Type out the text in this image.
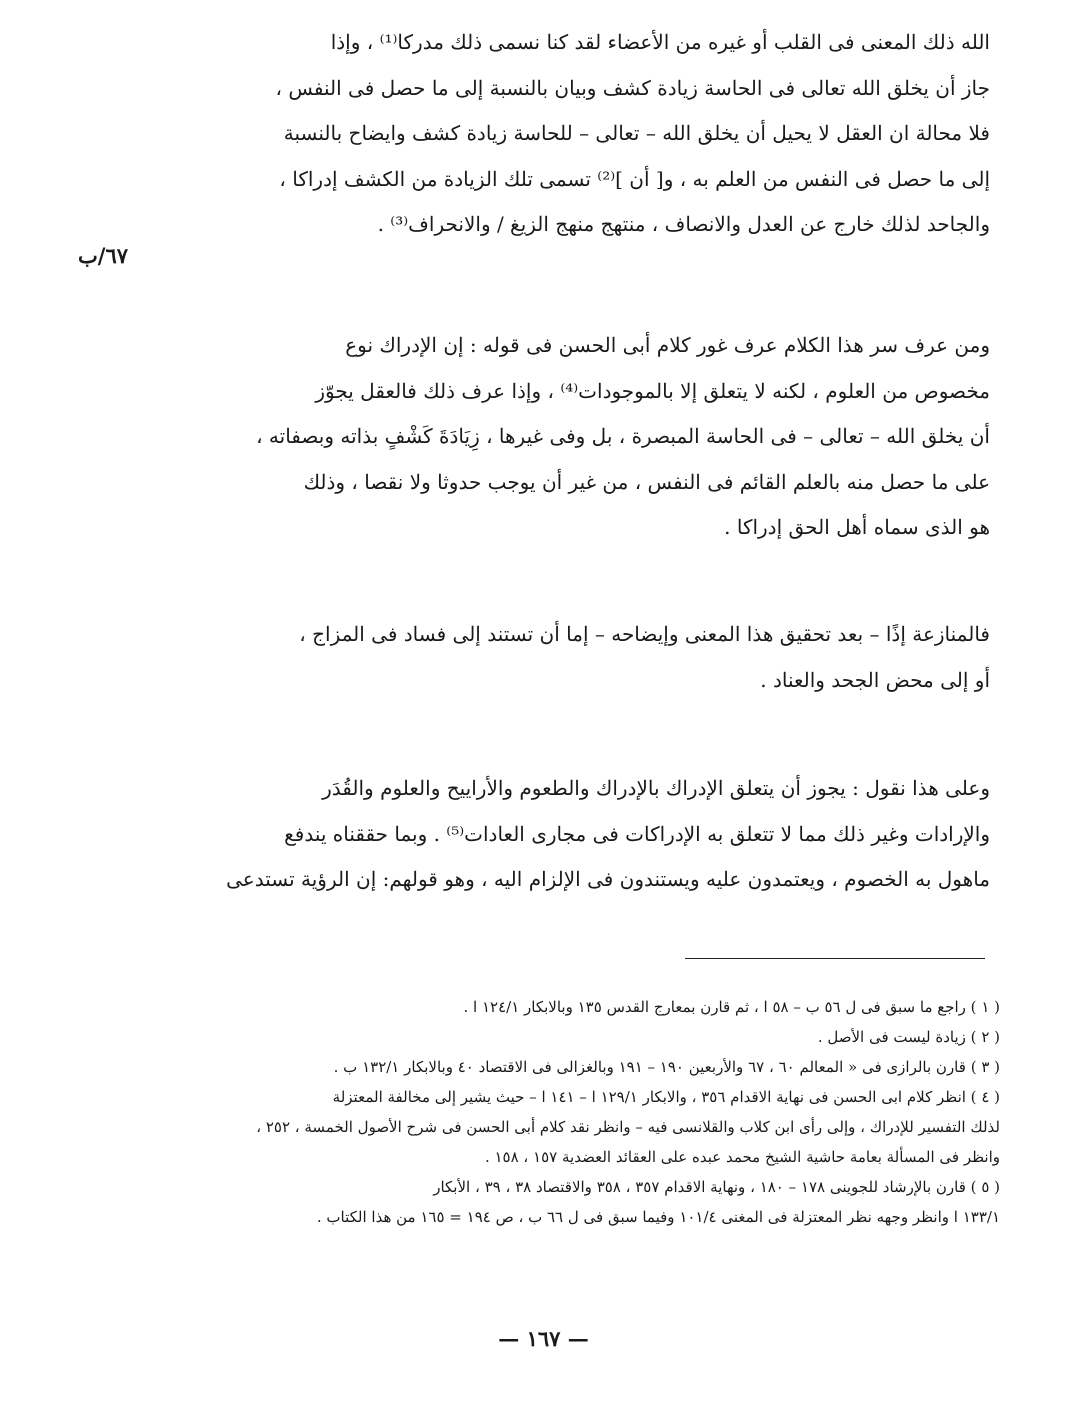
٦٧/ب
الله ذلك المعنى فى القلب أو غيره من الأعضاء لقد كنا نسمى ذلك مدركا⁽¹⁾ ، وإذا
جاز أن يخلق الله تعالى فى الحاسة زيادة كشف وبيان بالنسبة إلى ما حصل فى النفس ،
فلا محالة ان العقل لا يحيل أن يخلق الله – تعالى – للحاسة زيادة كشف وايضاح بالنسبة
إلى ما حصل فى النفس من العلم به ، و[ أن ]⁽²⁾ تسمى تلك الزيادة من الكشف إدراكا ،
والجاحد لذلك خارج عن العدل والانصاف ، منتهج منهج الزيغ / والانحراف⁽³⁾ .
ومن عرف سر هذا الكلام عرف غور كلام أبى الحسن فى قوله : إن الإدراك نوع
مخصوص من العلوم ، لكنه لا يتعلق إلا بالموجودات⁽⁴⁾ ، وإذا عرف ذلك فالعقل يجوّز
أن يخلق الله – تعالى – فى الحاسة المبصرة ، بل وفى غيرها ، زِيَادَةَ كَشْفٍ بذاته وبصفاته ،
على ما حصل منه بالعلم القائم فى النفس ، من غير أن يوجب حدوثا ولا نقصا ، وذلك
هو الذى سماه أهل الحق إدراكا .
فالمنازعة إذًا – بعد تحقيق هذا المعنى وإيضاحه – إما أن تستند إلى فساد فى المزاج ،
أو إلى محض الجحد والعناد .
وعلى هذا نقول : يجوز أن يتعلق الإدراك بالإدراك والطعوم والأراييح والعلوم والقُدَر
والإرادات وغير ذلك مما لا تتعلق به الإدراكات فى مجارى العادات⁽⁵⁾ . وبما حققناه يندفع
ماهول به الخصوم ، ويعتمدون عليه ويستندون فى الإلزام اليه ، وهو قولهم: إن الرؤية تستدعى
( ١ ) راجع ما سبق فى ل ٥٦ ب – ٥٨ ا ، ثم قارن بمعارج القدس ١٣٥ وبالابكار ١٢٤/١ ا .
( ٢ ) زيادة ليست فى الأصل .
( ٣ ) قارن بالرازى فى « المعالم ٦٠ ، ٦٧ والأربعين ١٩٠ – ١٩١ وبالغزالى فى الاقتصاد ٤٠ وبالابكار ١٣٢/١ ب .
( ٤ ) انظر كلام ابى الحسن فى نهاية الاقدام ٣٥٦ ، والابكار ١٢٩/١ ا – ١٤١ ا – حيث يشير إلى مخالفة المعتزلة
لذلك التفسير للإدراك ، وإلى رأى ابن كلاب والقلانسى فيه – وانظر نقد كلام أبى الحسن فى شرح الأصول الخمسة ، ٢٥٢ ،
وانظر فى المسألة بعامة حاشية الشيخ محمد عبده على العقائد العضدية ١٥٧ ، ١٥٨ .
( ٥ ) قارن بالإرشاد للجوينى ١٧٨ – ١٨٠ ، ونهاية الاقدام ٣٥٧ ، ٣٥٨ والاقتصاد ٣٨ ، ٣٩ ، الأبكار
١٣٣/١ ا وانظر وجهه نظر المعتزلة فى المغنى ١٠١/٤ وفيما سبق فى ل ٦٦ ب ، ص ١٩٤ = ١٦٥ من هذا الكتاب .
— ١٦٧ —
